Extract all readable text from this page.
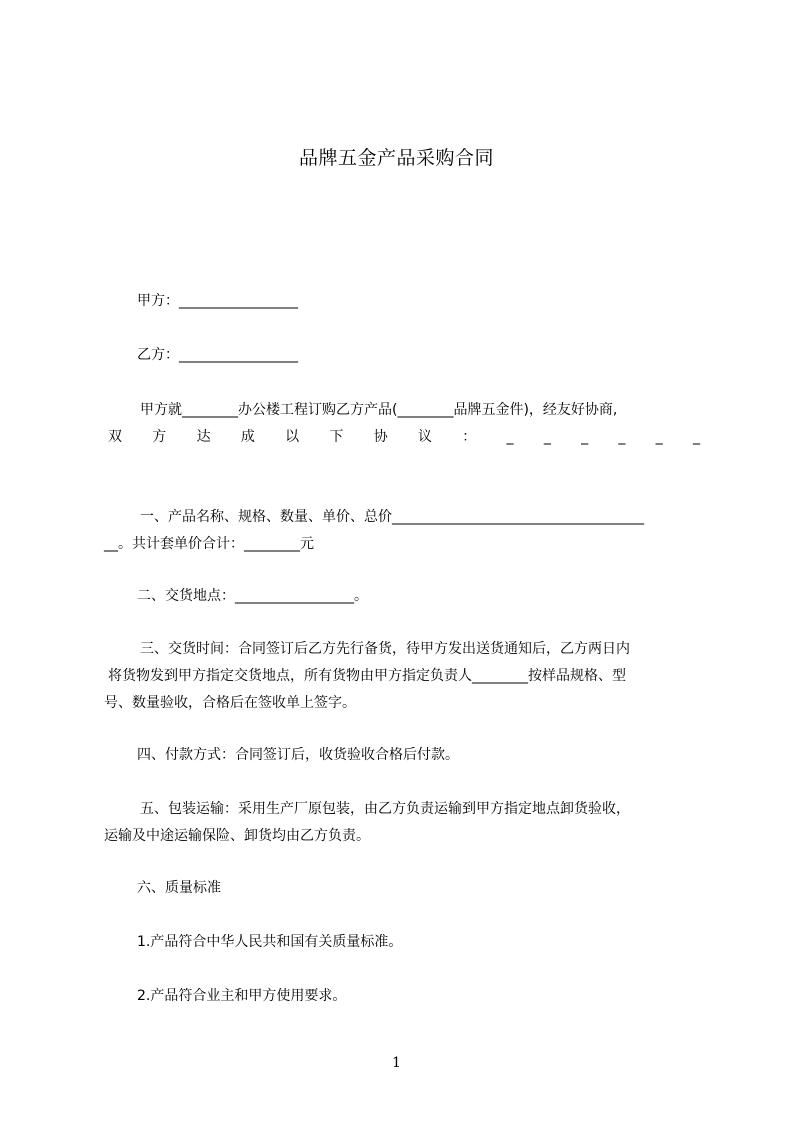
品牌五金产品采购合同
甲方：_________________
乙方：_________________
甲方就________办公楼工程订购乙方产品(________品牌五金件)，经友好协商,
双 方 达 成 以 下 协 议 ： _ _ _ _ _ _
一、产品名称、规格、数量、单价、总价____________________________________
__。共计套单价合计：________元
二、交货地点：_________________。
三、交货时间：合同签订后乙方先行备货，待甲方发出送货通知后，乙方两日内
将货物发到甲方指定交货地点，所有货物由甲方指定负责人________按样品规格、型
号、数量验收，合格后在签收单上签字。
四、付款方式：合同签订后，收货验收合格后付款。
五、包装运输：采用生产厂原包装，由乙方负责运输到甲方指定地点卸货验收，
运输及中途运输保险、卸货均由乙方负责。
六、质量标准
1.产品符合中华人民共和国有关质量标准。
2.产品符合业主和甲方使用要求。
1
